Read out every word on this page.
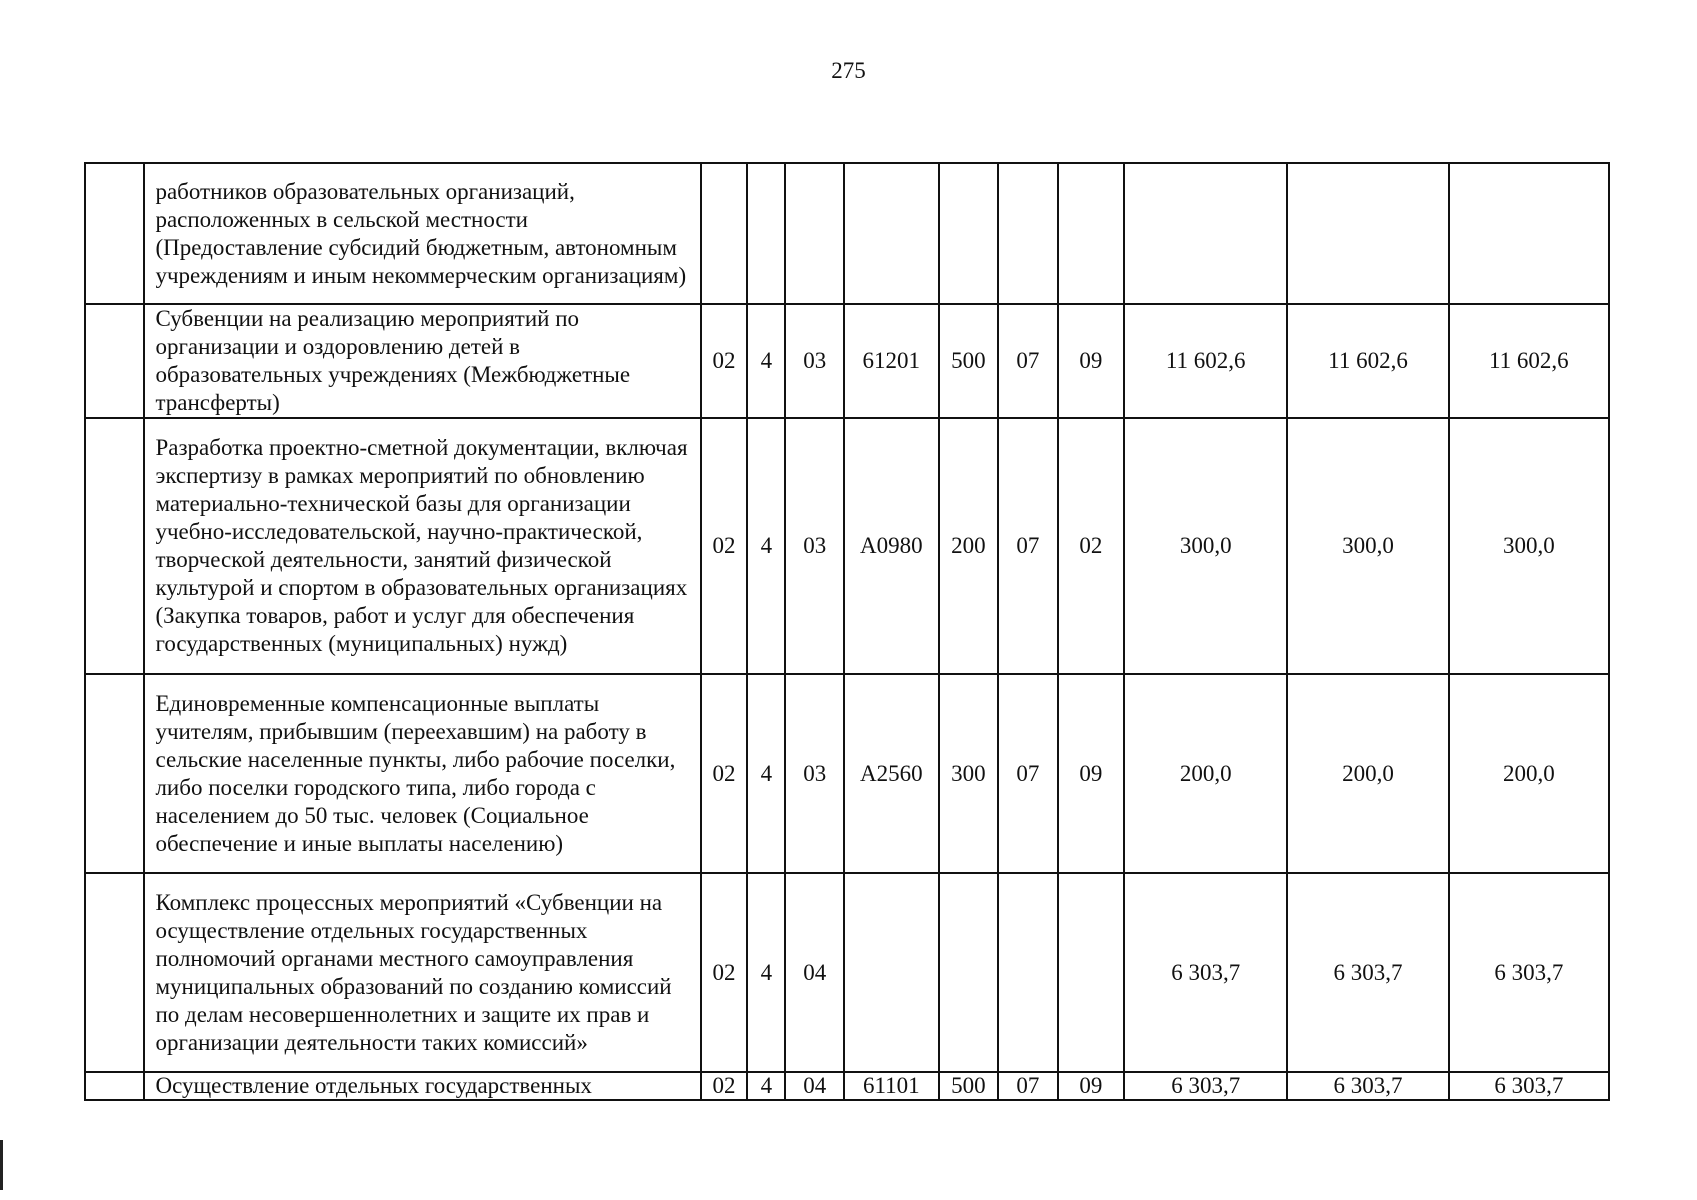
275
	работников образовательных организаций, расположенных в сельской местности (Предоставление субсидий бюджетным, автономным учреждениям и иным некоммерческим организациям)										
	Субвенции на реализацию мероприятий по организации и оздоровлению детей в образовательных учреждениях (Межбюджетные трансферты)	02	4	03	61201	500	07	09	11 602,6	11 602,6	11 602,6
	Разработка проектно-сметной документации, включая экспертизу в рамках мероприятий по обновлению материально-технической базы для организации учебно-исследовательской, научно-практической, творческой деятельности, занятий физической культурой и спортом в образовательных организациях (Закупка товаров, работ и услуг для обеспечения государственных (муниципальных) нужд)	02	4	03	А0980	200	07	02	300,0	300,0	300,0
	Единовременные компенсационные выплаты учителям, прибывшим (переехавшим) на работу в сельские населенные пункты, либо рабочие поселки, либо поселки городского типа, либо города с населением до 50 тыс. человек (Социальное обеспечение и иные выплаты населению)	02	4	03	А2560	300	07	09	200,0	200,0	200,0
	Комплекс процессных мероприятий «Субвенции на осуществление отдельных государственных полномочий органами местного самоуправления муниципальных образований по созданию комиссий по делам несовершеннолетних и защите их прав и организации деятельности таких комиссий»	02	4	04					6 303,7	6 303,7	6 303,7
	Осуществление отдельных государственных	02	4	04	61101	500	07	09	6 303,7	6 303,7	6 303,7
